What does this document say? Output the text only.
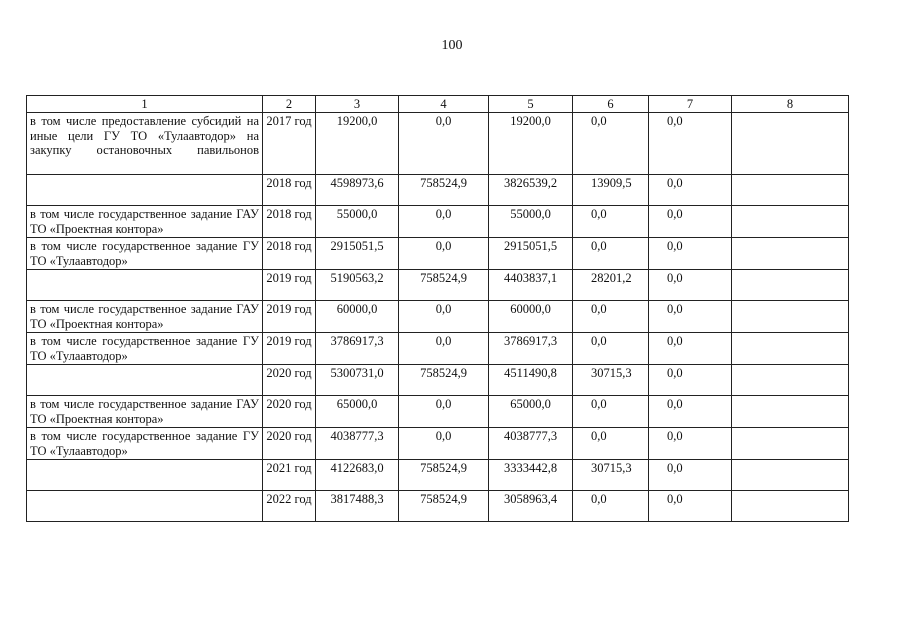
100
1	2	3	4	5	6	7	8
в том числе предоставление субсидий на иные цели ГУ ТО «Тулаавтодор» на закупку остановочных павильонов	2017 год	19200,0	0,0	19200,0	0,0	0,0	
	2018 год	4598973,6	758524,9	3826539,2	13909,5	0,0	
в том числе государственное задание ГАУ ТО «Проектная контора»	2018 год	55000,0	0,0	55000,0	0,0	0,0	
в том числе государственное задание ГУ ТО «Тулаавтодор»	2018 год	2915051,5	0,0	2915051,5	0,0	0,0	
	2019 год	5190563,2	758524,9	4403837,1	28201,2	0,0	
в том числе государственное задание ГАУ ТО «Проектная контора»	2019 год	60000,0	0,0	60000,0	0,0	0,0	
в том числе государственное задание ГУ ТО «Тулаавтодор»	2019 год	3786917,3	0,0	3786917,3	0,0	0,0	
	2020 год	5300731,0	758524,9	4511490,8	30715,3	0,0	
в том числе государственное задание ГАУ ТО «Проектная контора»	2020 год	65000,0	0,0	65000,0	0,0	0,0	
в том числе государственное задание ГУ ТО «Тулаавтодор»	2020 год	4038777,3	0,0	4038777,3	0,0	0,0	
	2021 год	4122683,0	758524,9	3333442,8	30715,3	0,0	
	2022 год	3817488,3	758524,9	3058963,4	0,0	0,0	
